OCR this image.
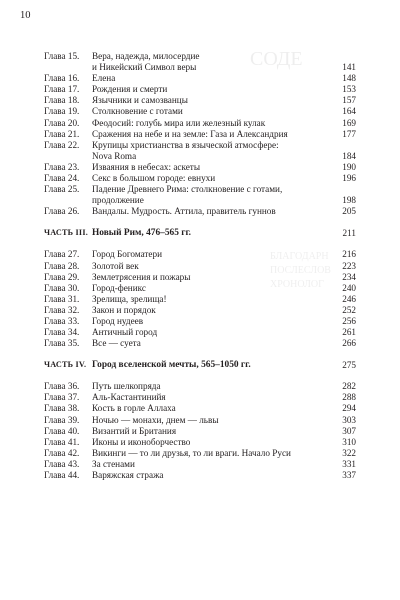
СОДЕ
БЛАГОДАРН
ПОСЛЕСЛОВ
ХРОНОЛОГ
10
Глава 15.	Вера, надежда, милосердие
и Никейский Символ веры	141
Глава 16.	Елена	148
Глава 17.	Рождения и смерти	153
Глава 18.	Язычники и самозванцы	157
Глава 19.	Столкновение с готами	164
Глава 20.	Феодосий: голубь мира или железный кулак	169
Глава 21.	Сражения на небе и на земле: Газа и Александрия	177
Глава 22.	Крупицы христианства в языческой атмосфере:
Nova Roma	184
Глава 23.	Изваяния в небесах: аскеты	190
Глава 24.	Секс в большом городе: евнухи	196
Глава 25.	Падение Древнего Рима: столкновение с готами,
продолжение	198
Глава 26.	Вандалы. Мудрость. Аттила, правитель гуннов	205
ЧАСТЬ III. Новый Рим, 476–565 гг.	211
Глава 27.	Город Богоматери	216
Глава 28.	Золотой век	223
Глава 29.	Землетрясения и пожары	234
Глава 30.	Город-феникс	240
Глава 31.	Зрелища, зрелища!	246
Глава 32.	Закон и порядок	252
Глава 33.	Город нудеев	256
Глава 34.	Античный город	261
Глава 35.	Все — суета	266
ЧАСТЬ IV. Город вселенской мечты, 565–1050 гг.	275
Глава 36.	Путь шелкопряда	282
Глава 37.	Аль-Кастантинийя	288
Глава 38.	Кость в горле Аллаха	294
Глава 39.	Ночью — монахи, днем — львы	303
Глава 40.	Византий и Британия	307
Глава 41.	Иконы и иконоборчество	310
Глава 42.	Викинги — то ли друзья, то ли враги. Начало Руси	322
Глава 43.	За стенами	331
Глава 44.	Варяжская стража	337
